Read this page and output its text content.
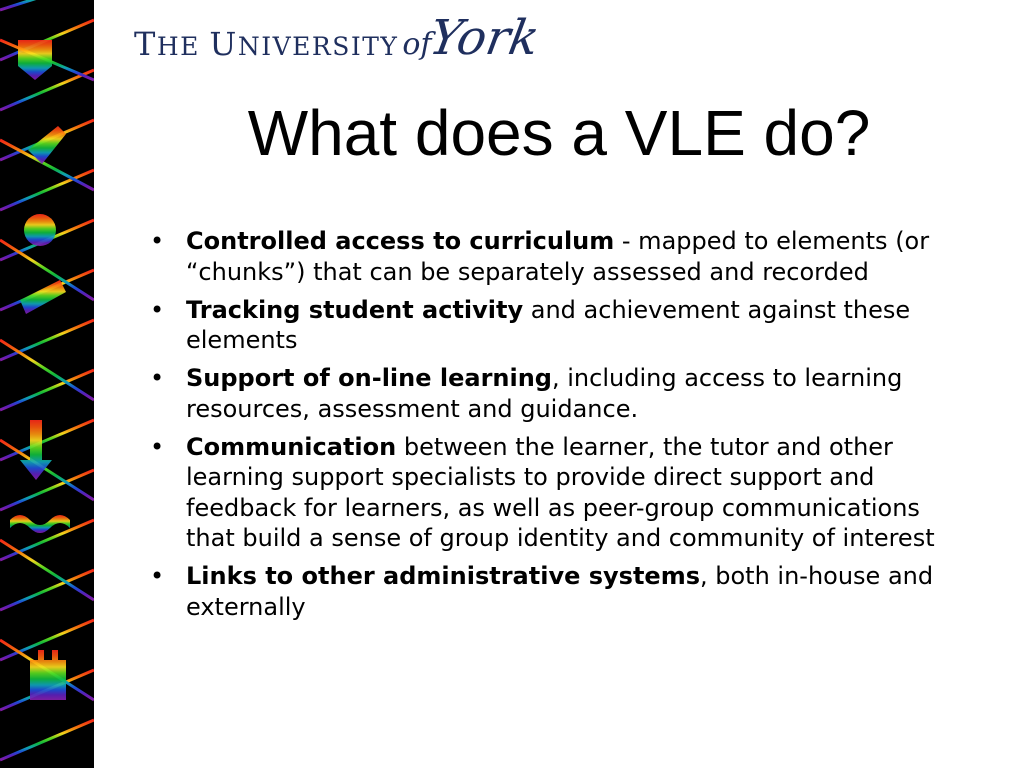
THE UNIVERSITY of
York
What does a VLE do?
• Controlled access to curriculum - mapped to elements (or “chunks”) that can be separately assessed and recorded
• Tracking student activity and achievement against these elements
• Support of on-line learning, including access to learning resources, assessment and guidance.
• Communication between the learner, the tutor and other learning support specialists to provide direct support and feedback for learners, as well as peer-group communications that build a sense of group identity and community of interest
• Links to other administrative systems, both in-house and externally
